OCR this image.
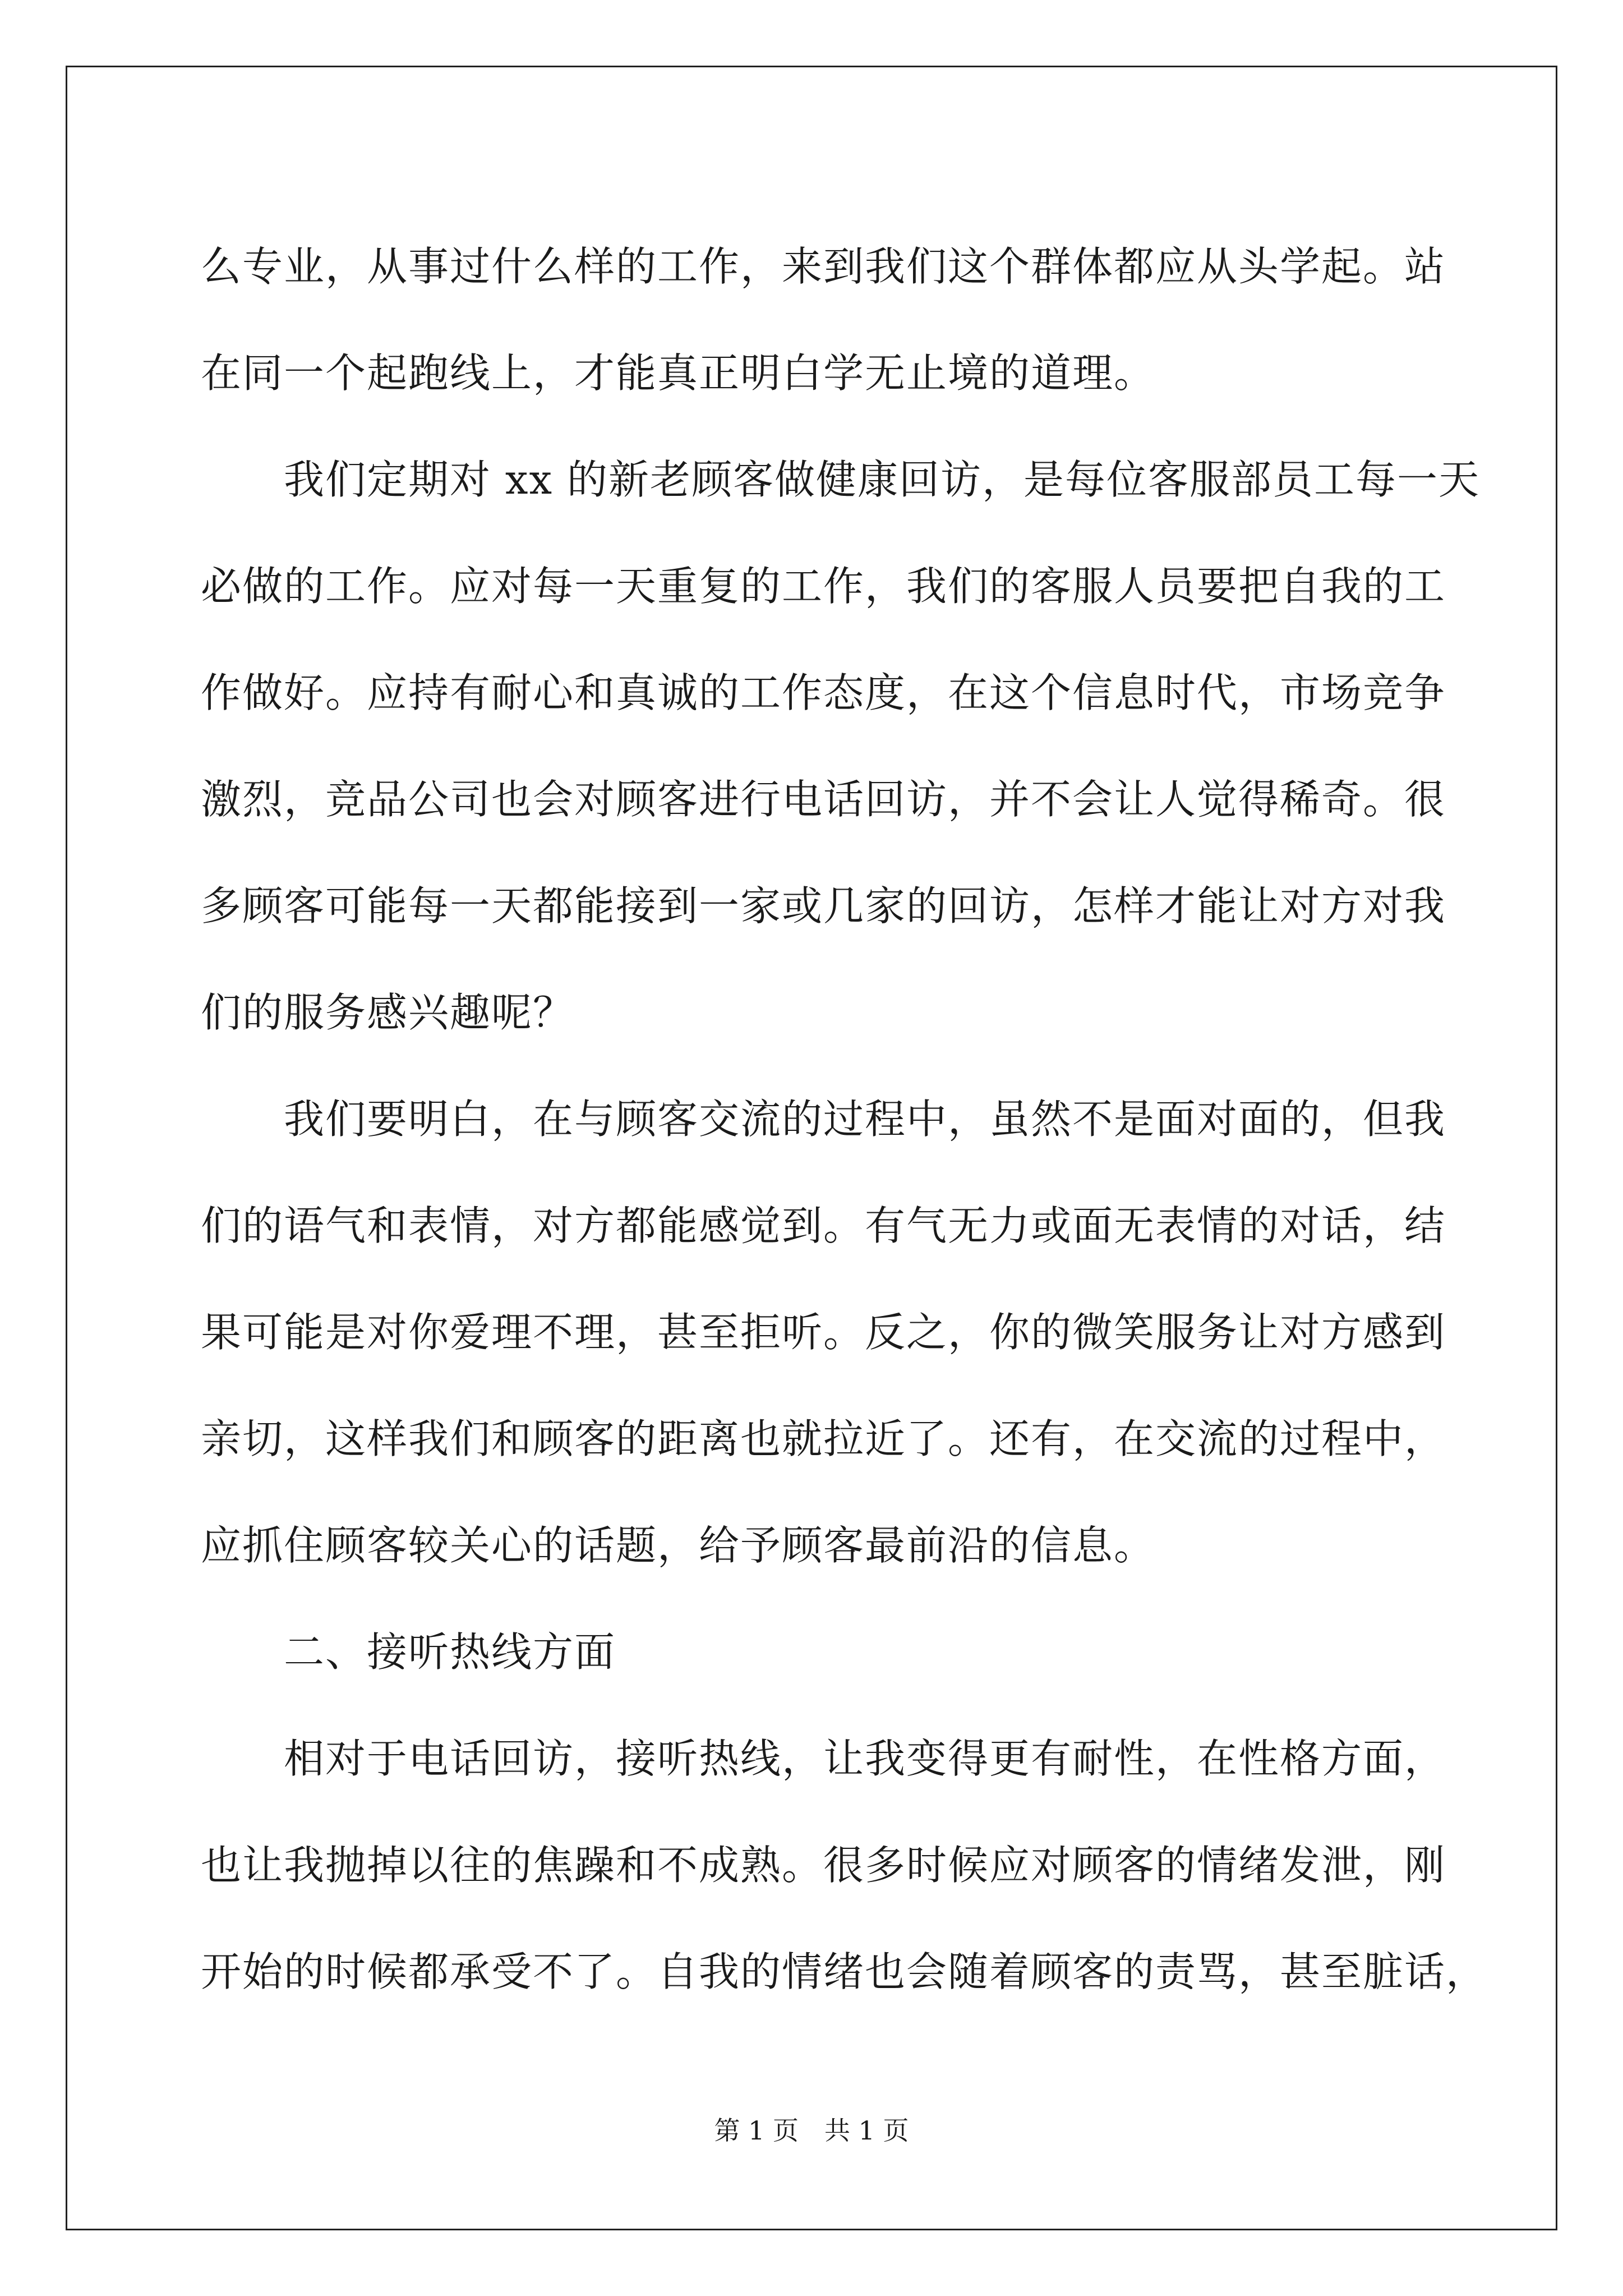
么专业，从事过什么样的工作，来到我们这个群体都应从头学起。站
在同一个起跑线上，才能真正明白学无止境的道理。
我们定期对 xx 的新老顾客做健康回访，是每位客服部员工每一天
必做的工作。应对每一天重复的工作，我们的客服人员要把自我的工
作做好。应持有耐心和真诚的工作态度，在这个信息时代，市场竞争
激烈，竞品公司也会对顾客进行电话回访，并不会让人觉得稀奇。很
多顾客可能每一天都能接到一家或几家的回访，怎样才能让对方对我
们的服务感兴趣呢？
我们要明白，在与顾客交流的过程中，虽然不是面对面的，但我
们的语气和表情，对方都能感觉到。有气无力或面无表情的对话，结
果可能是对你爱理不理，甚至拒听。反之，你的微笑服务让对方感到
亲切，这样我们和顾客的距离也就拉近了。还有，在交流的过程中，
应抓住顾客较关心的话题，给予顾客最前沿的信息。
二、接听热线方面
相对于电话回访，接听热线，让我变得更有耐性，在性格方面，
也让我抛掉以往的焦躁和不成熟。很多时候应对顾客的情绪发泄，刚
开始的时候都承受不了。自我的情绪也会随着顾客的责骂，甚至脏话，
第 1 页　共 1 页
